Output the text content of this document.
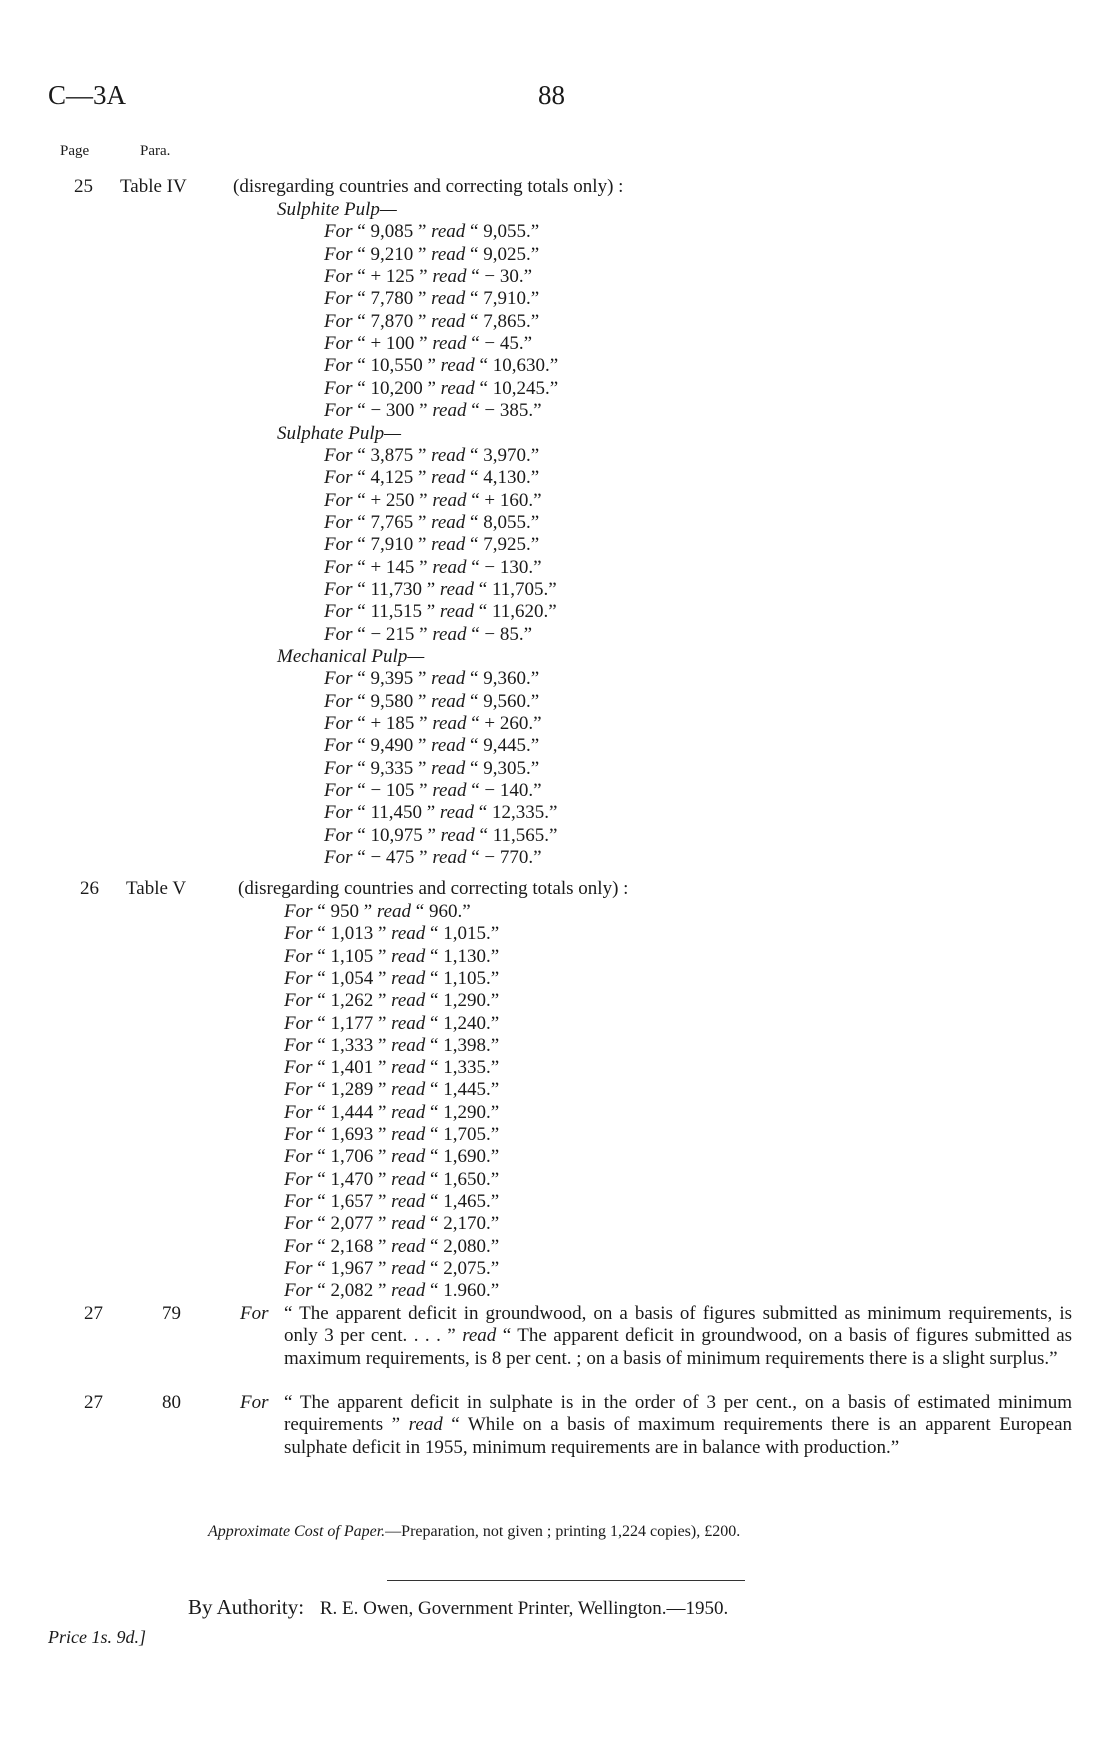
C—3A	88
Page	Para.
25 Table IV (disregarding countries and correcting totals only) :
Sulphite Pulp—
For “ 9,085 ” read “ 9,055.”
For “ 9,210 ” read “ 9,025.”
For “ + 125 ” read “ − 30.”
For “ 7,780 ” read “ 7,910.”
For “ 7,870 ” read “ 7,865.”
For “ + 100 ” read “ − 45.”
For “ 10,550 ” read “ 10,630.”
For “ 10,200 ” read “ 10,245.”
For “ − 300 ” read “ − 385.”
Sulphate Pulp—
For “ 3,875 ” read “ 3,970.”
For “ 4,125 ” read “ 4,130.”
For “ + 250 ” read “ + 160.”
For “ 7,765 ” read “ 8,055.”
For “ 7,910 ” read “ 7,925.”
For “ + 145 ” read “ − 130.”
For “ 11,730 ” read “ 11,705.”
For “ 11,515 ” read “ 11,620.”
For “ − 215 ” read “ − 85.”
Mechanical Pulp—
For “ 9,395 ” read “ 9,360.”
For “ 9,580 ” read “ 9,560.”
For “ + 185 ” read “ + 260.”
For “ 9,490 ” read “ 9,445.”
For “ 9,335 ” read “ 9,305.”
For “ − 105 ” read “ − 140.”
For “ 11,450 ” read “ 12,335.”
For “ 10,975 ” read “ 11,565.”
For “ − 475 ” read “ − 770.”
26 Table V	(disregarding countries and correcting totals only) :
For “ 950 ” read “ 960.”
For “ 1,013 ” read “ 1,015.”
For “ 1,105 ” read “ 1,130.”
For “ 1,054 ” read “ 1,105.”
For “ 1,262 ” read “ 1,290.”
For “ 1,177 ” read “ 1,240.”
For “ 1,333 ” read “ 1,398.”
For “ 1,401 ” read “ 1,335.”
For “ 1,289 ” read “ 1,445.”
For “ 1,444 ” read “ 1,290.”
For “ 1,693 ” read “ 1,705.”
For “ 1,706 ” read “ 1,690.”
For “ 1,470 ” read “ 1,650.”
For “ 1,657 ” read “ 1,465.”
For “ 2,077 ” read “ 2,170.”
For “ 2,168 ” read “ 2,080.”
For “ 1,967 ” read “ 2,075.”
For “ 2,082 ” read “ 1.960.”
27	79	For “ The apparent deficit in groundwood, on a basis of figures submitted as minimum requirements, is only 3 per cent. . . . ” read “ The apparent deficit in groundwood, on a basis of figures submitted as maximum requirements, is 8 per cent. ; on a basis of minimum requirements there is a slight surplus.”
27	80	For “ The apparent deficit in sulphate is in the order of 3 per cent., on a basis of estimated minimum requirements ” read “ While on a basis of maximum requirements there is an apparent European sulphate deficit in 1955, minimum requirements are in balance with production.”
Approximate Cost of Paper.—Preparation, not given ; printing 1,224 copies), £200.
By Authority: R. E. Owen, Government Printer, Wellington.—1950.
Price 1s. 9d.]
